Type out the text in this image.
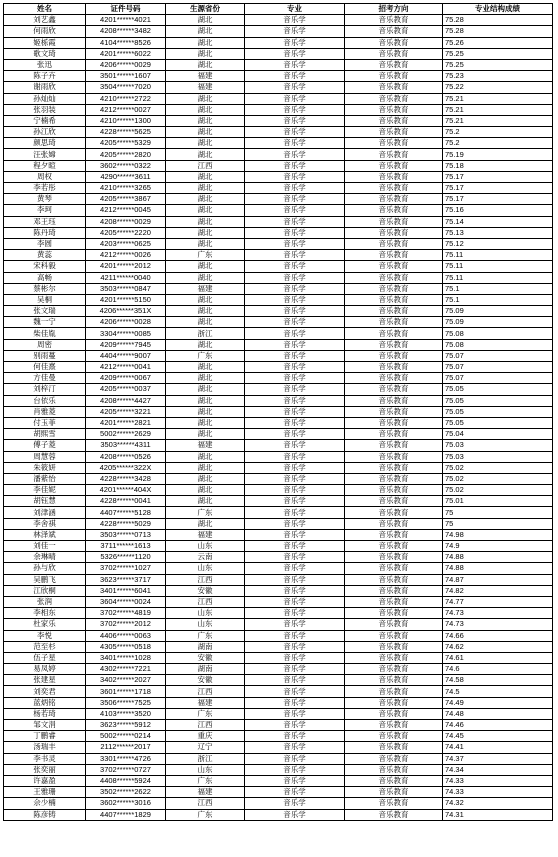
姓名	证件号码	生源省份	专业	招考方向	专业结构成绩
刘艺鑫	4201******4021	湖北	音乐学	音乐教育	75.28
何雨欣	4208******3482	湖北	音乐学	音乐教育	75.28
姬栎霞	4104******8526	湖北	音乐学	音乐教育	75.26
歌文琦	4201******6022	湖北	音乐学	音乐教育	75.25
张迅	4206******0029	湖北	音乐学	音乐教育	75.25
陈子卉	3501******1607	福建	音乐学	音乐教育	75.23
谢雨欣	3504******7020	福建	音乐学	音乐教育	75.22
孙灿灿	4210******2722	湖北	音乐学	音乐教育	75.21
张羽装	4212******0027	湖北	音乐学	音乐教育	75.21
宁楠希	4210******1300	湖北	音乐学	音乐教育	75.21
孙江欣	4228******5625	湖北	音乐学	音乐教育	75.2
颜思琦	4205******5329	湖北	音乐学	音乐教育	75.2
汪张嫦	4205******2820	湖北	音乐学	音乐教育	75.19
程夕暄	3602******0322	江西	音乐学	音乐教育	75.18
周权	4290******3611	湖北	音乐学	音乐教育	75.17
李若彤	4210******3265	湖北	音乐学	音乐教育	75.17
黄琴	4205******3867	湖北	音乐学	音乐教育	75.17
李珂	4212******0045	湖北	音乐学	音乐教育	75.16
邓王珏	4208******0029	湖北	音乐学	音乐教育	75.14
陈丹琦	4205******2220	湖北	音乐学	音乐教育	75.13
李圆	4203******0625	湖北	音乐学	音乐教育	75.12
黄蕊	4212******0026	广东	音乐学	音乐教育	75.11
宋科毅	4201******2012	湖北	音乐学	音乐教育	75.11
高畅	4211******0040	湖北	音乐学	音乐教育	75.11
蔡彬尔	3503******0847	福建	音乐学	音乐教育	75.1
吴桐	4201******5150	湖北	音乐学	音乐教育	75.1
张文瑞	4206******351X	湖北	音乐学	音乐教育	75.09
魏一宁	4206******0028	湖北	音乐学	音乐教育	75.09
柴佳胤	3304******0085	浙江	音乐学	音乐教育	75.08
周密	4209******7945	湖北	音乐学	音乐教育	75.08
别雨蔓	4404******9007	广东	音乐学	音乐教育	75.07
何佳熹	4212******0041	湖北	音乐学	音乐教育	75.07
方佳曼	4209******0067	湖北	音乐学	音乐教育	75.07
刘梓汀	4205******0037	湖北	音乐学	音乐教育	75.05
台依乐	4208******4427	湖北	音乐学	音乐教育	75.05
肖雅菱	4205******3221	湖北	音乐学	音乐教育	75.05
付玉菲	4201******2821	湖北	音乐学	音乐教育	75.05
胡熙雪	5002******2629	湖北	音乐学	音乐教育	75.04
傅子菱	3503******4311	福建	音乐学	音乐教育	75.03
周慧蓉	4208******0526	湖北	音乐学	音乐教育	75.03
朱筱妍	4205******322X	湖北	音乐学	音乐教育	75.02
潘紫怡	4228******3428	湖北	音乐学	音乐教育	75.02
李佳妮	4201******404X	湖北	音乐学	音乐教育	75.02
胡钰慧	4228******0041	湖北	音乐学	音乐教育	75.01
刘津涵	4407******5128	广东	音乐学	音乐教育	75
李舍祺	4228******5029	湖北	音乐学	音乐教育	75
林泽斌	3503******0713	福建	音乐学	音乐教育	74.98
刘佳一	3711******1613	山东	音乐学	音乐教育	74.9
余琳晴	5326******1120	云南	音乐学	音乐教育	74.88
孙与欣	3702******1027	山东	音乐学	音乐教育	74.88
吴鹏飞	3623******3717	江西	音乐学	音乐教育	74.87
江欣桐	3401******6041	安徽	音乐学	音乐教育	74.82
张润	3604******0024	江西	音乐学	音乐教育	74.77
李相东	3702******4819	山东	音乐学	音乐教育	74.73
杜家乐	3702******2012	山东	音乐学	音乐教育	74.73
李悦	4406******0063	广东	音乐学	音乐教育	74.66
范至杉	4305******0518	湖南	音乐学	音乐教育	74.62
伍子星	3401******1028	安徽	音乐学	音乐教育	74.61
易凤婷	4302******7221	湖南	音乐学	音乐教育	74.6
张建星	3402******2027	安徽	音乐学	音乐教育	74.58
刘奕君	3601******1718	江西	音乐学	音乐教育	74.5
蓝炳铭	3506******7525	福建	音乐学	音乐教育	74.49
杨若琦	4103******3520	广东	音乐学	音乐教育	74.48
邹文涓	3623******5912	江西	音乐学	音乐教育	74.46
丁鹏睿	5002******0214	重庆	音乐学	音乐教育	74.45
汤瑞丰	2112******2017	辽宁	音乐学	音乐教育	74.41
李书灵	3301******4726	浙江	音乐学	音乐教育	74.37
张奕丽	3702******0727	山东	音乐学	音乐教育	74.34
许嘉盈	4408******5924	广东	音乐学	音乐教育	74.33
王雅珊	3502******2622	福建	音乐学	音乐教育	74.33
佘少楠	3602******3016	江西	音乐学	音乐教育	74.32
陈彦铸	4407******1829	广东	音乐学	音乐教育	74.31
